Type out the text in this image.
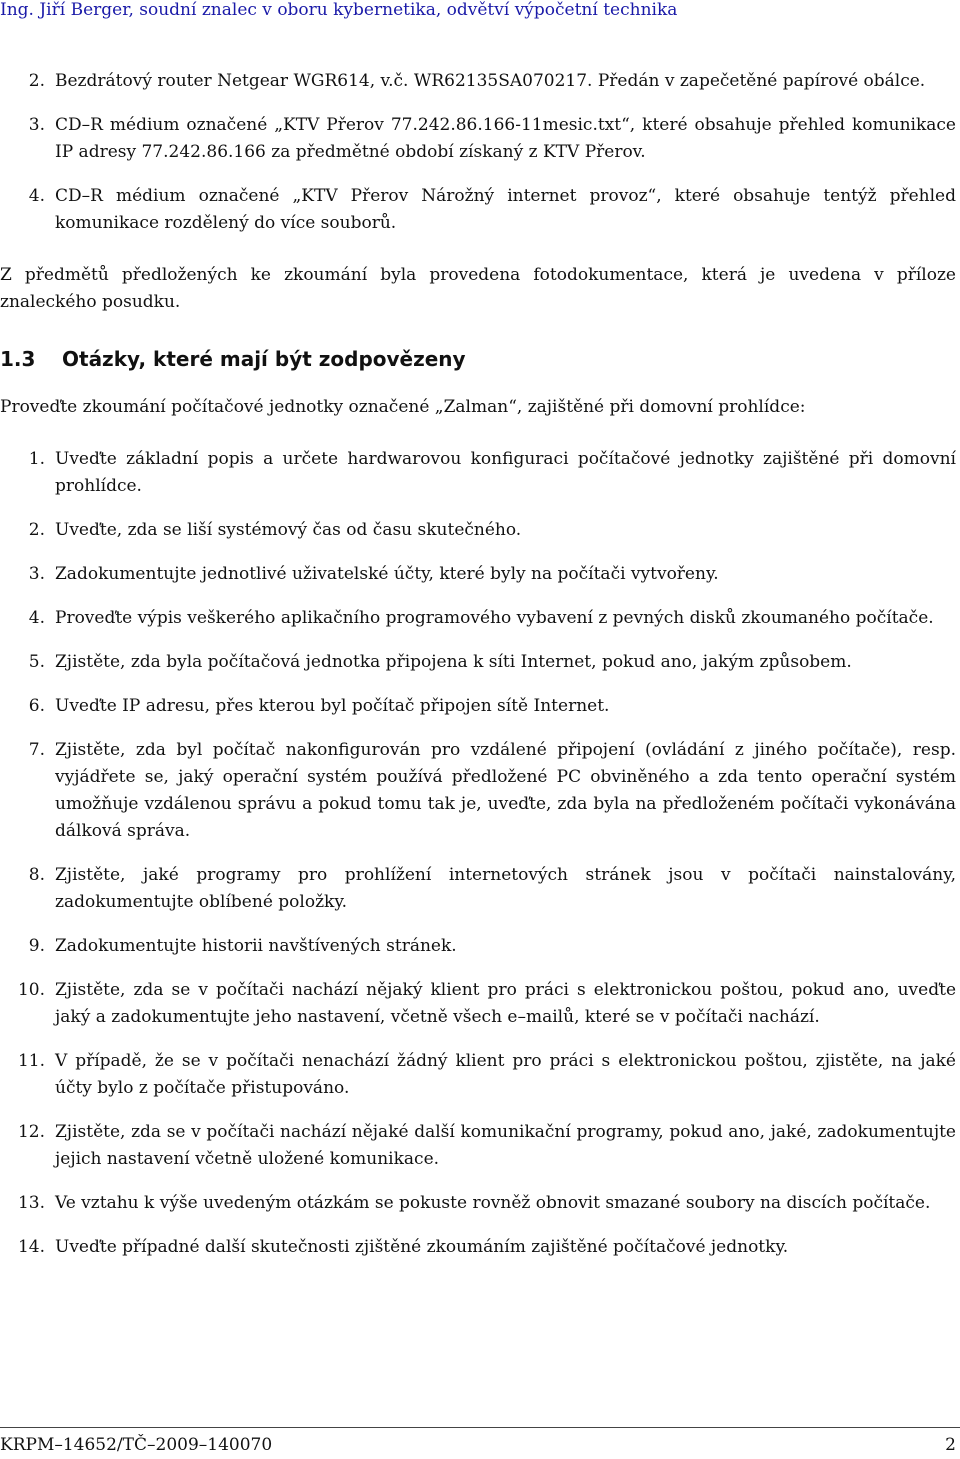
Ing. Jiří Berger, soudní znalec v oboru kybernetika, odvětví výpočetní technika
2. Bezdrátový router Netgear WGR614, v.č. WR62135SA070217. Předán v zapečetěné papírové obálce.
3. CD–R médium označené „KTV Přerov 77.242.86.166-11mesic.txt“, které obsahuje přehled komunikace IP adresy 77.242.86.166 za předmětné období získaný z KTV Přerov.
4. CD–R médium označené „KTV Přerov Nárožný internet provoz“, které obsahuje tentýž přehled komunikace rozdělený do více souborů.

Z předmětů předložených ke zkoumání byla provedena fotodokumentace, která je uvedena v příloze znaleckého posudku.

1.3 Otázky, které mají být zodpovězeny

Proveďte zkoumání počítačové jednotky označené „Zalman“, zajištěné při domovní prohlídce:

1. Uveďte základní popis a určete hardwarovou konfiguraci počítačové jednotky zajištěné při domovní prohlídce.
2. Uveďte, zda se liší systémový čas od času skutečného.
3. Zadokumentujte jednotlivé uživatelské účty, které byly na počítači vytvořeny.
4. Proveďte výpis veškerého aplikačního programového vybavení z pevných disků zkoumaného počítače.
5. Zjistěte, zda byla počítačová jednotka připojena k síti Internet, pokud ano, jakým způsobem.
6. Uveďte IP adresu, přes kterou byl počítač připojen sítě Internet.
7. Zjistěte, zda byl počítač nakonfigurován pro vzdálené připojení (ovládání z jiného počítače), resp. vyjádřete se, jaký operační systém používá předložené PC obviněného a zda tento operační systém umožňuje vzdálenou správu a pokud tomu tak je, uveďte, zda byla na předloženém počítači vykonávána dálková správa.
8. Zjistěte, jaké programy pro prohlížení internetových stránek jsou v počítači nainstalovány, zadokumentujte oblíbené položky.
9. Zadokumentujte historii navštívených stránek.
10. Zjistěte, zda se v počítači nachází nějaký klient pro práci s elektronickou poštou, pokud ano, uveďte jaký a zadokumentujte jeho nastavení, včetně všech e–mailů, které se v počítači nachází.
11. V případě, že se v počítači nenachází žádný klient pro práci s elektronickou poštou, zjistěte, na jaké účty bylo z počítače přistupováno.
12. Zjistěte, zda se v počítači nachází nějaké další komunikační programy, pokud ano, jaké, zadokumentujte jejich nastavení včetně uložené komunikace.
13. Ve vztahu k výše uvedeným otázkám se pokuste rovněž obnovit smazané soubory na discích počítače.
14. Uveďte případné další skutečnosti zjištěné zkoumáním zajištěné počítačové jednotky.
KRPM–14652/TČ–2009–140070	2
